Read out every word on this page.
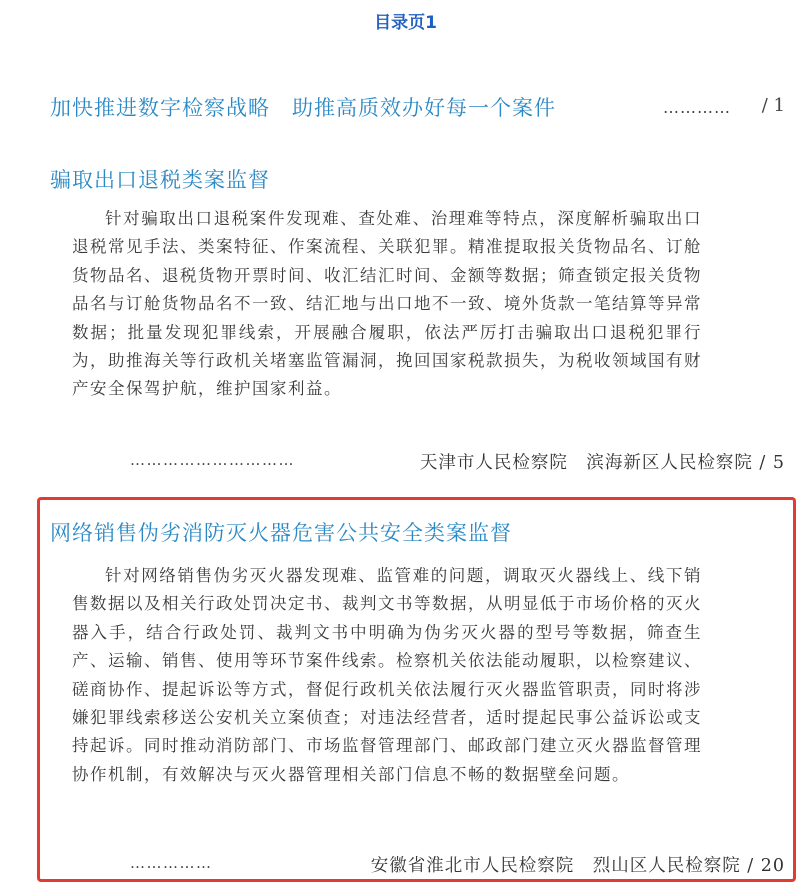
目录页1
加快推进数字检察战略　助推高质效办好每一个案件	………… / 1
骗取出口退税类案监督
针对骗取出口退税案件发现难、查处难、治理难等特点，深度解析骗取出口退税常见手法、类案特征、作案流程、关联犯罪。精准提取报关货物品名、订舱货物品名、退税货物开票时间、收汇结汇时间、金额等数据；筛查锁定报关货物品名与订舱货物品名不一致、结汇地与出口地不一致、境外货款一笔结算等异常数据；批量发现犯罪线索，开展融合履职，依法严厉打击骗取出口退税犯罪行为，助推海关等行政机关堵塞监管漏洞，挽回国家税款损失，为税收领域国有财产安全保驾护航，维护国家利益。
…………………………	天津市人民检察院　滨海新区人民检察院 / 5
网络销售伪劣消防灭火器危害公共安全类案监督
针对网络销售伪劣灭火器发现难、监管难的问题，调取灭火器线上、线下销售数据以及相关行政处罚决定书、裁判文书等数据，从明显低于市场价格的灭火器入手，结合行政处罚、裁判文书中明确为伪劣灭火器的型号等数据，筛查生产、运输、销售、使用等环节案件线索。检察机关依法能动履职，以检察建议、磋商协作、提起诉讼等方式，督促行政机关依法履行灭火器监管职责，同时将涉嫌犯罪线索移送公安机关立案侦查；对违法经营者，适时提起民事公益诉讼或支持起诉。同时推动消防部门、市场监督管理部门、邮政部门建立灭火器监督管理协作机制，有效解决与灭火器管理相关部门信息不畅的数据壁垒问题。
……………	安徽省淮北市人民检察院　烈山区人民检察院 / 20
